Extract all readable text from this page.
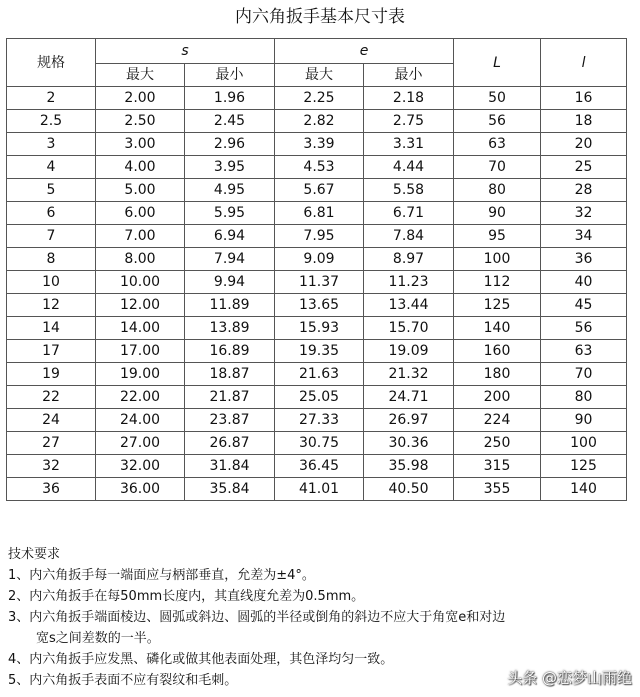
内六角扳手基本尺寸表
规格	s		e		L	l
	最大	最小	最大	最小		
2	2.00	1.96	2.25	2.18	50	16
2.5	2.50	2.45	2.82	2.75	56	18
3	3.00	2.96	3.39	3.31	63	20
4	4.00	3.95	4.53	4.44	70	25
5	5.00	4.95	5.67	5.58	80	28
6	6.00	5.95	6.81	6.71	90	32
7	7.00	6.94	7.95	7.84	95	34
8	8.00	7.94	9.09	8.97	100	36
10	10.00	9.94	11.37	11.23	112	40
12	12.00	11.89	13.65	13.44	125	45
14	14.00	13.89	15.93	15.70	140	56
17	17.00	16.89	19.35	19.09	160	63
19	19.00	18.87	21.63	21.32	180	70
22	22.00	21.87	25.05	24.71	200	80
24	24.00	23.87	27.33	26.97	224	90
27	27.00	26.87	30.75	30.36	250	100
32	32.00	31.84	36.45	35.98	315	125
36	36.00	35.84	41.01	40.50	355	140
技术要求
1、内六角扳手每一端面应与柄部垂直，允差为±4°。
2、内六角扳手在每50mm长度内，其直线度允差为0.5mm。
3、内六角扳手端面棱边、圆弧或斜边、圆弧的半径或倒角的斜边不应大于角宽e和对边
宽s之间差数的一半。
4、内六角扳手应发黑、磷化或做其他表面处理，其色泽均匀一致。
5、内六角扳手表面不应有裂纹和毛刺。	头条 @恋梦山雨绝
